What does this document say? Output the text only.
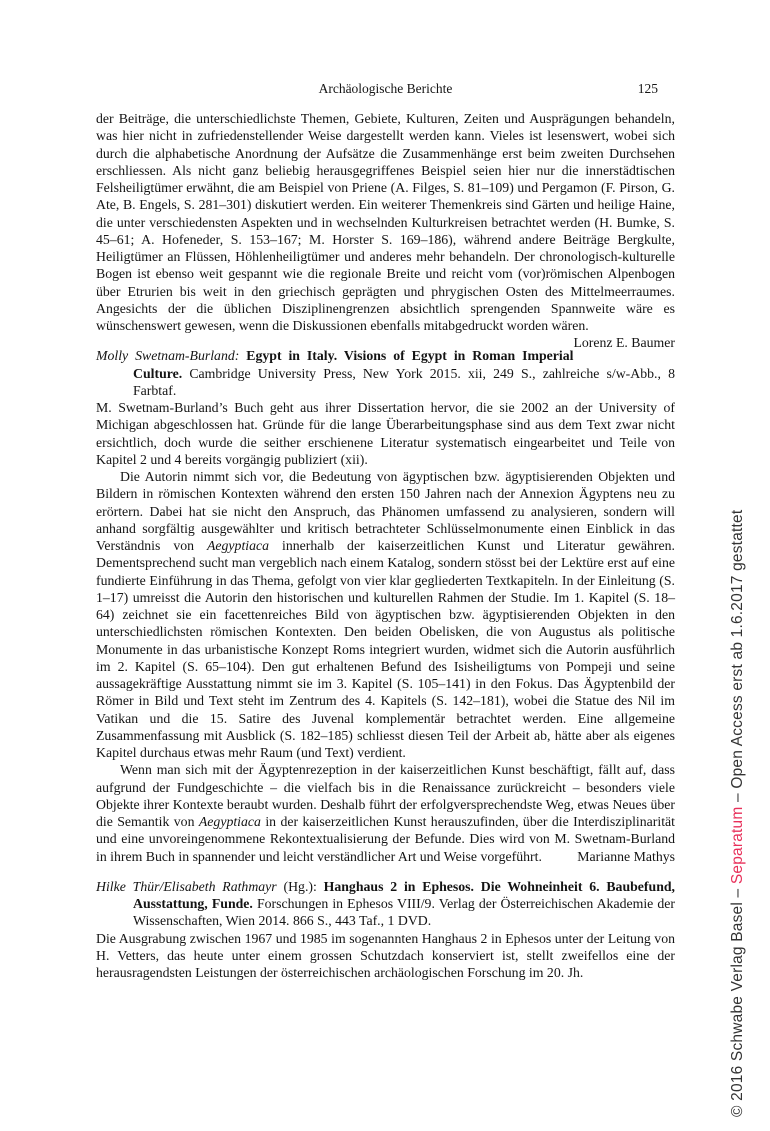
Archäologische Berichte	125

der Beiträge, die unterschiedlichste Themen, Gebiete, Kulturen, Zeiten und Ausprägungen behandeln, was hier nicht in zufriedenstellender Weise dargestellt werden kann. Vieles ist lesenswert, wobei sich durch die alphabetische Anordnung der Aufsätze die Zusammenhänge erst beim zweiten Durchsehen erschliessen. Als nicht ganz beliebig herausgegriffenes Beispiel seien hier nur die innerstädtischen Felsheiligtümer erwähnt, die am Beispiel von Priene (A. Filges, S. 81–109) und Pergamon (F. Pirson, G. Ate, B. Engels, S. 281–301) diskutiert werden. Ein weiterer Themenkreis sind Gärten und heilige Haine, die unter verschiedensten Aspekten und in wechselnden Kulturkreisen betrachtet werden (H. Bumke, S. 45–61; A. Hofeneder, S. 153–167; M. Horster S. 169–186), während andere Beiträge Bergkulte, Heiligtümer an Flüssen, Höhlenheiligtümer und anderes mehr behandeln. Der chronologisch-kulturelle Bogen ist ebenso weit gespannt wie die regionale Breite und reicht vom (vor)römischen Alpenbogen über Etrurien bis weit in den griechisch geprägten und phrygischen Osten des Mittelmeerraumes. Angesichts der die üblichen Disziplinengrenzen absichtlich sprengenden Spannweite wäre es wünschenswert gewesen, wenn die Diskussionen ebenfalls mitabgedruckt worden wären.
Lorenz E. Baumer

Molly Swetnam-Burland: Egypt in Italy. Visions of Egypt in Roman Imperial Culture. Cambridge University Press, New York 2015. xii, 249 S., zahlreiche s/w-Abb., 8 Farbtaf.

M. Swetnam-Burland’s Buch geht aus ihrer Dissertation hervor, die sie 2002 an der University of Michigan abgeschlossen hat. Gründe für die lange Überarbeitungsphase sind aus dem Text zwar nicht ersichtlich, doch wurde die seither erschienene Literatur systematisch eingearbeitet und Teile von Kapitel 2 und 4 bereits vorgängig publiziert (xii).

Die Autorin nimmt sich vor, die Bedeutung von ägyptischen bzw. ägyptisierenden Objekten und Bildern in römischen Kontexten während den ersten 150 Jahren nach der Annexion Ägyptens neu zu erörtern. Dabei hat sie nicht den Anspruch, das Phänomen umfassend zu analysieren, sondern will anhand sorgfältig ausgewählter und kritisch betrachteter Schlüsselmonumente einen Einblick in das Verständnis von Aegyptiaca innerhalb der kaiserzeitlichen Kunst und Literatur gewähren. Dementsprechend sucht man vergeblich nach einem Katalog, sondern stösst bei der Lektüre erst auf eine fundierte Einführung in das Thema, gefolgt von vier klar gegliederten Textkapiteln. In der Einleitung (S. 1–17) umreisst die Autorin den historischen und kulturellen Rahmen der Studie. Im 1. Kapitel (S. 18–64) zeichnet sie ein facettenreiches Bild von ägyptischen bzw. ägyptisierenden Objekten in den unterschiedlichsten römischen Kontexten. Den beiden Obelisken, die von Augustus als politische Monumente in das urbanistische Konzept Roms integriert wurden, widmet sich die Autorin ausführlich im 2. Kapitel (S. 65–104). Den gut erhaltenen Befund des Isisheiligtums von Pompeji und seine aussagekräftige Ausstattung nimmt sie im 3. Kapitel (S. 105–141) in den Fokus. Das Ägyptenbild der Römer in Bild und Text steht im Zentrum des 4. Kapitels (S. 142–181), wobei die Statue des Nil im Vatikan und die 15. Satire des Juvenal komplementär betrachtet werden. Eine allgemeine Zusammenfassung mit Ausblick (S. 182–185) schliesst diesen Teil der Arbeit ab, hätte aber als eigenes Kapitel durchaus etwas mehr Raum (und Text) verdient.

Wenn man sich mit der Ägyptenrezeption in der kaiserzeitlichen Kunst beschäftigt, fällt auf, dass aufgrund der Fundgeschichte – die vielfach bis in die Renaissance zurückreicht – besonders viele Objekte ihrer Kontexte beraubt wurden. Deshalb führt der erfolgversprechendste Weg, etwas Neues über die Semantik von Aegyptiaca in der kaiserzeitlichen Kunst herauszufinden, über die Interdisziplinarität und eine unvoreingenommene Rekontextualisierung der Befunde. Dies wird von M. Swetnam-Burland in ihrem Buch in spannender und leicht verständlicher Art und Weise vorgeführt.	Marianne Mathys

Hilke Thür/Elisabeth Rathmayr (Hg.): Hanghaus 2 in Ephesos. Die Wohneinheit 6. Baubefund, Ausstattung, Funde. Forschungen in Ephesos VIII/9. Verlag der Österreichischen Akademie der Wissenschaften, Wien 2014. 866 S., 443 Taf., 1 DVD.

Die Ausgrabung zwischen 1967 und 1985 im sogenannten Hanghaus 2 in Ephesos unter der Leitung von H. Vetters, das heute unter einem grossen Schutzdach konserviert ist, stellt zweifellos eine der herausragendsten Leistungen der österreichischen archäologischen Forschung im 20. Jh.	© 2016 Schwabe Verlag Basel – Separatum – Open Access erst ab 1.6.2017 gestattet
